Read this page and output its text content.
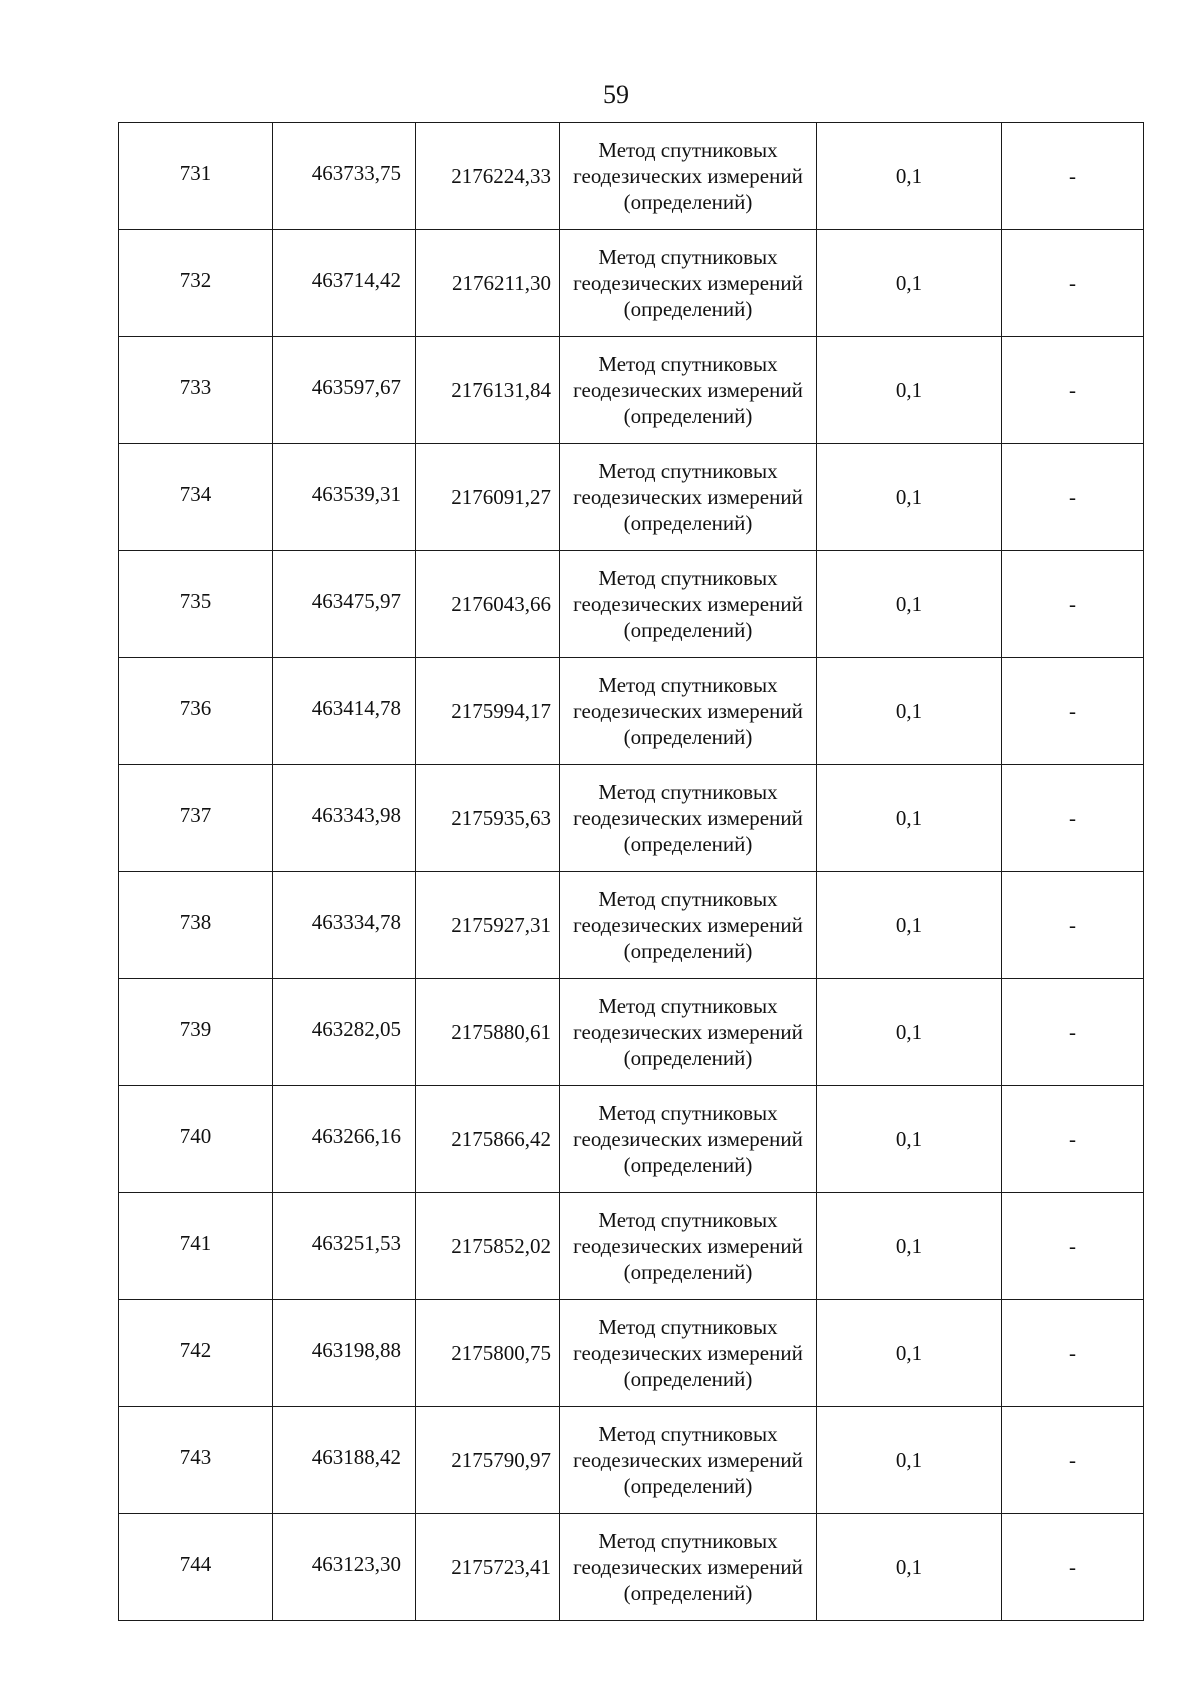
59
731	463733,75	2176224,33	Метод спутниковых
геодезических измерений
(определений)	0,1	-
732	463714,42	2176211,30	Метод спутниковых
геодезических измерений
(определений)	0,1	-
733	463597,67	2176131,84	Метод спутниковых
геодезических измерений
(определений)	0,1	-
734	463539,31	2176091,27	Метод спутниковых
геодезических измерений
(определений)	0,1	-
735	463475,97	2176043,66	Метод спутниковых
геодезических измерений
(определений)	0,1	-
736	463414,78	2175994,17	Метод спутниковых
геодезических измерений
(определений)	0,1	-
737	463343,98	2175935,63	Метод спутниковых
геодезических измерений
(определений)	0,1	-
738	463334,78	2175927,31	Метод спутниковых
геодезических измерений
(определений)	0,1	-
739	463282,05	2175880,61	Метод спутниковых
геодезических измерений
(определений)	0,1	-
740	463266,16	2175866,42	Метод спутниковых
геодезических измерений
(определений)	0,1	-
741	463251,53	2175852,02	Метод спутниковых
геодезических измерений
(определений)	0,1	-
742	463198,88	2175800,75	Метод спутниковых
геодезических измерений
(определений)	0,1	-
743	463188,42	2175790,97	Метод спутниковых
геодезических измерений
(определений)	0,1	-
744	463123,30	2175723,41	Метод спутниковых
геодезических измерений
(определений)	0,1	-
